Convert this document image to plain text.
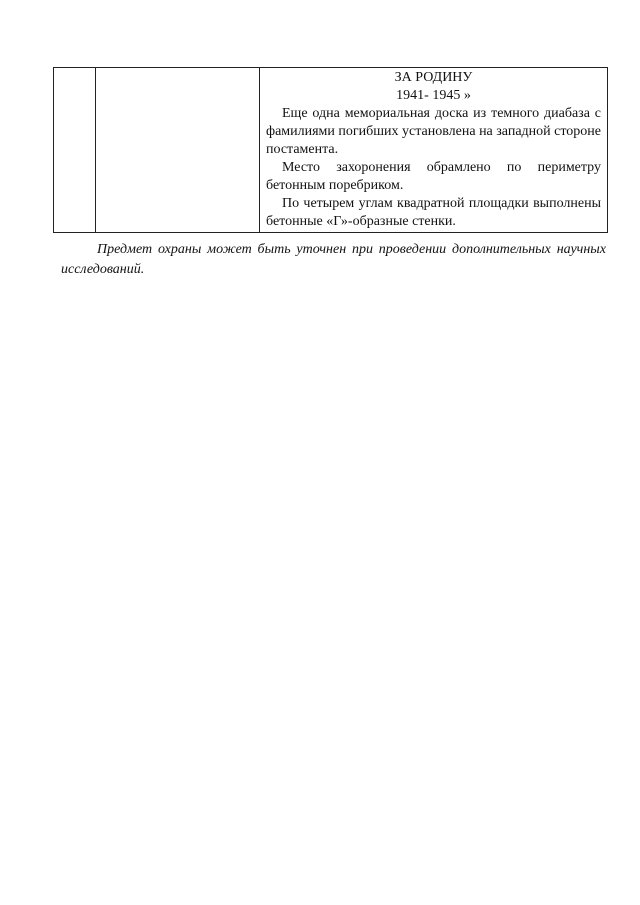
ЗА РОДИНУ

1941- 1945 »

Еще одна мемориальная доска из темного диабаза с фамилиями погибших установлена на западной стороне постамента.

Место захоронения обрамлено по периметру бетонным поребриком.

По четырем углам квадратной площадки выполнены бетонные «Г»-образные стенки.

Предмет охраны может быть уточнен при проведении дополнительных научных исследований.
